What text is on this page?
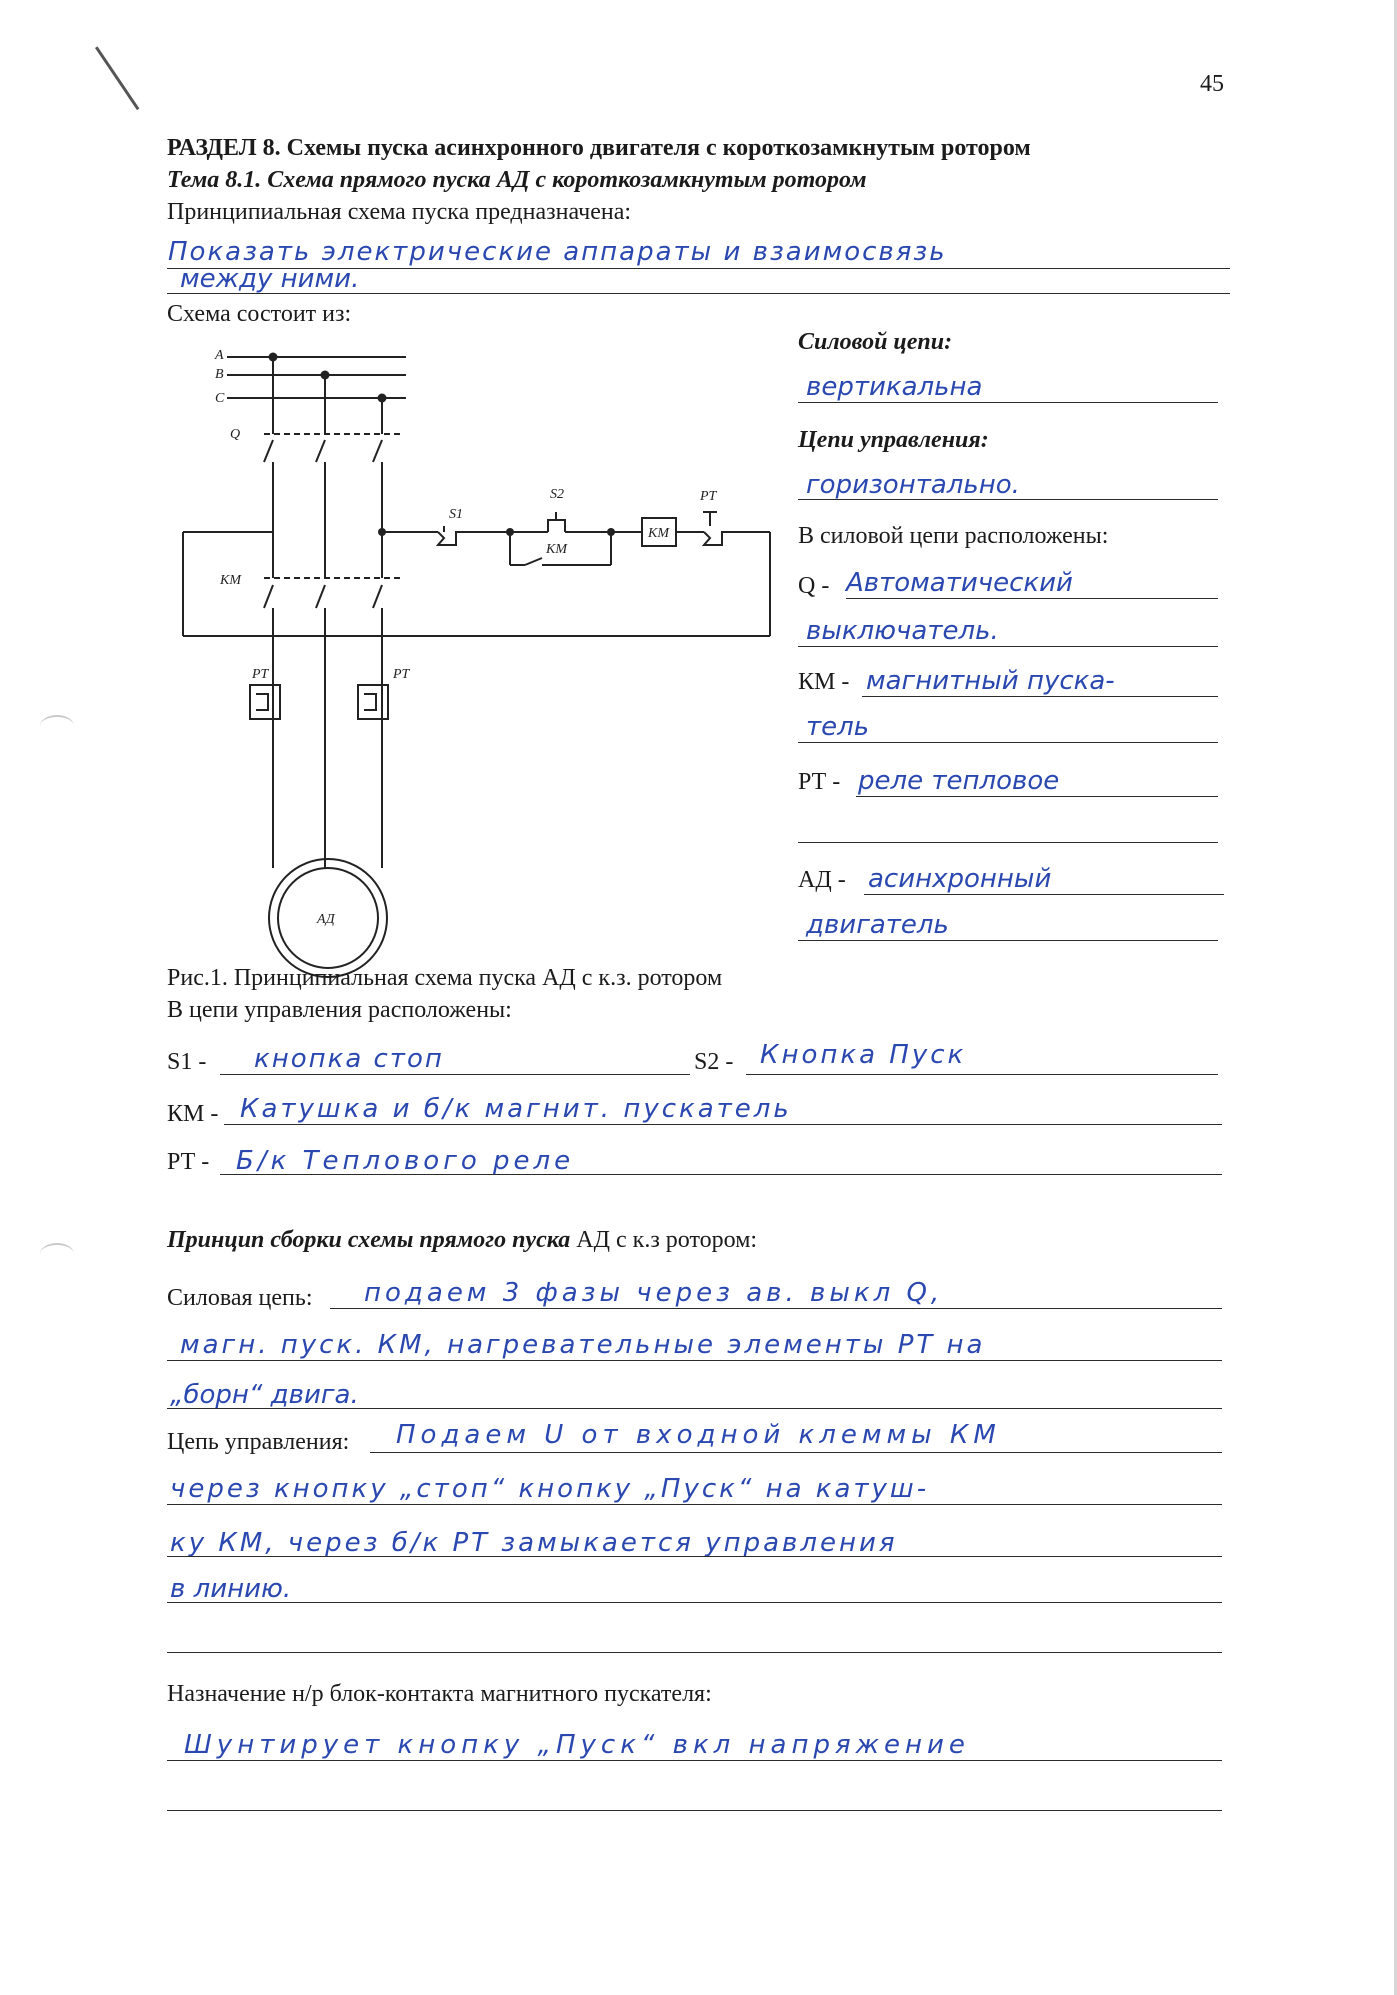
45
РАЗДЕЛ 8. Схемы пуска асинхронного двигателя с короткозамкнутым ротором
Тема 8.1. Схема прямого пуска АД с короткозамкнутым ротором
Принципиальная схема пуска предназначена:
Показать электрические аппараты и взаимосвязь
между ними.
Схема состоит из:
A
B
C
Q
S1
S2	PT
KM
KM
KM
PT	PT
АД
Силовой цепи:
вертикальна
Цепи управления:
горизонтально.
В силовой цепи расположены:
Q - Автоматический
выключатель.
КМ - магнитный пуска-
тель
РТ - реле тепловое
АД - асинхронный
двигатель
Рис.1. Принципиальная схема пуска АД с к.з. ротором
В цепи управления расположены:
S1 - кнопка стоп	S2 - Кнопка Пуск
КМ - Катушка и б/к магнит. пускатель
РТ - Б/к Теплового реле
Принцип сборки схемы прямого пуска АД с к.з ротором:
Силовая цепь: подаем 3 фазы через ав. выкл Q,
магн. пуск. КМ, нагревательные элементы РТ на
„борн“ двига.
Цепь управления: Подаем U от входной клеммы КМ
через кнопку „стоп“ кнопку „Пуск“ на катуш-
ку КМ, через б/к РТ замыкается управления
в линию.
Назначение н/р блок-контакта магнитного пускателя:
Шунтирует кнопку „Пуск“ вкл напряжение
